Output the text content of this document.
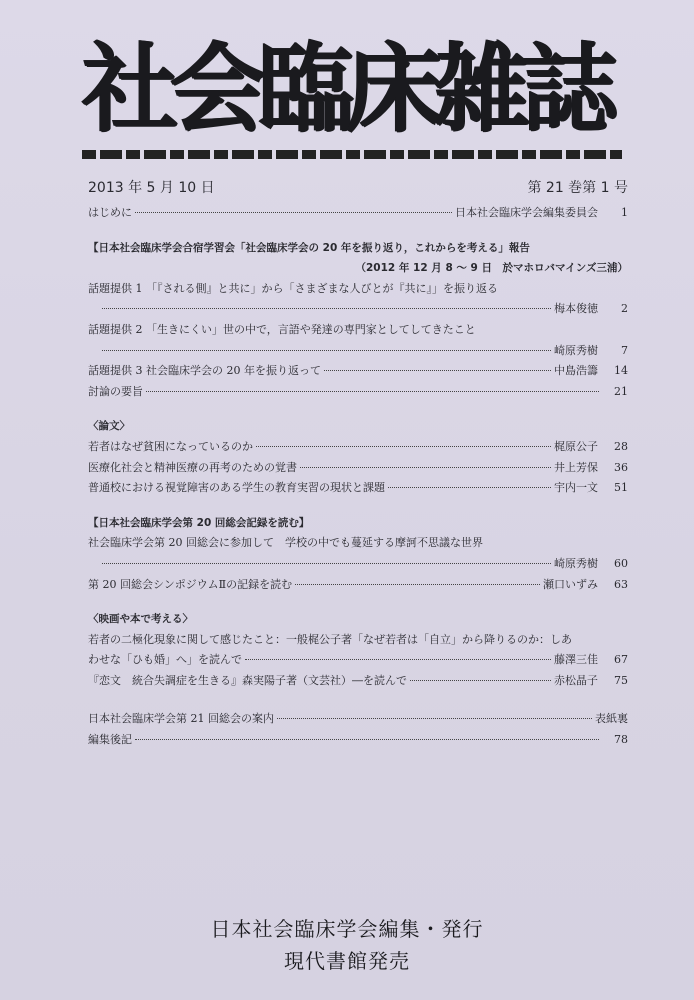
社会臨床雑誌
2013 年 5 月 10 日	第 21 巻第 1 号
はじめに	日本社会臨床学会編集委員会	1
【日本社会臨床学会合宿学習会「社会臨床学会の 20 年を振り返り，これからを考える」報告
（2012 年 12 月 8 ～ 9 日　於マホロバマインズ三浦）
話題提供 1 「『される側』と共に」から「さまざまな人びとが『共に』」を振り返る
梅本俊徳	2
話題提供 2 「生きにくい」世の中で，言語や発達の専門家としてしてきたこと
崎原秀樹	7
話題提供 3 社会臨床学会の 20 年を振り返って	中島浩籌	14
討論の要旨	21
〈論文〉
若者はなぜ貧困になっているのか	梶原公子	28
医療化社会と精神医療の再考のための覚書	井上芳保	36
普通校における視覚障害のある学生の教育実習の現状と課題	宇内一文	51
【日本社会臨床学会第 20 回総会記録を読む】
社会臨床学会第 20 回総会に参加して　学校の中でも蔓延する摩訶不思議な世界
崎原秀樹	60
第 20 回総会シンポジウムⅡの記録を読む	瀬口いずみ	63
〈映画や本で考える〉
若者の二極化現象に関して感じたこと：一般梶公子著「なぜ若者は「自立」から降りるのか：しあ
わせな「ひも婚」へ」を読んで	藤澤三佳	67
『恋文　統合失調症を生きる』森実陽子著（文芸社）―を読んで	赤松晶子	75
日本社会臨床学会第 21 回総会の案内	表紙裏
編集後記	78
日本社会臨床学会編集・発行
現代書館発売
